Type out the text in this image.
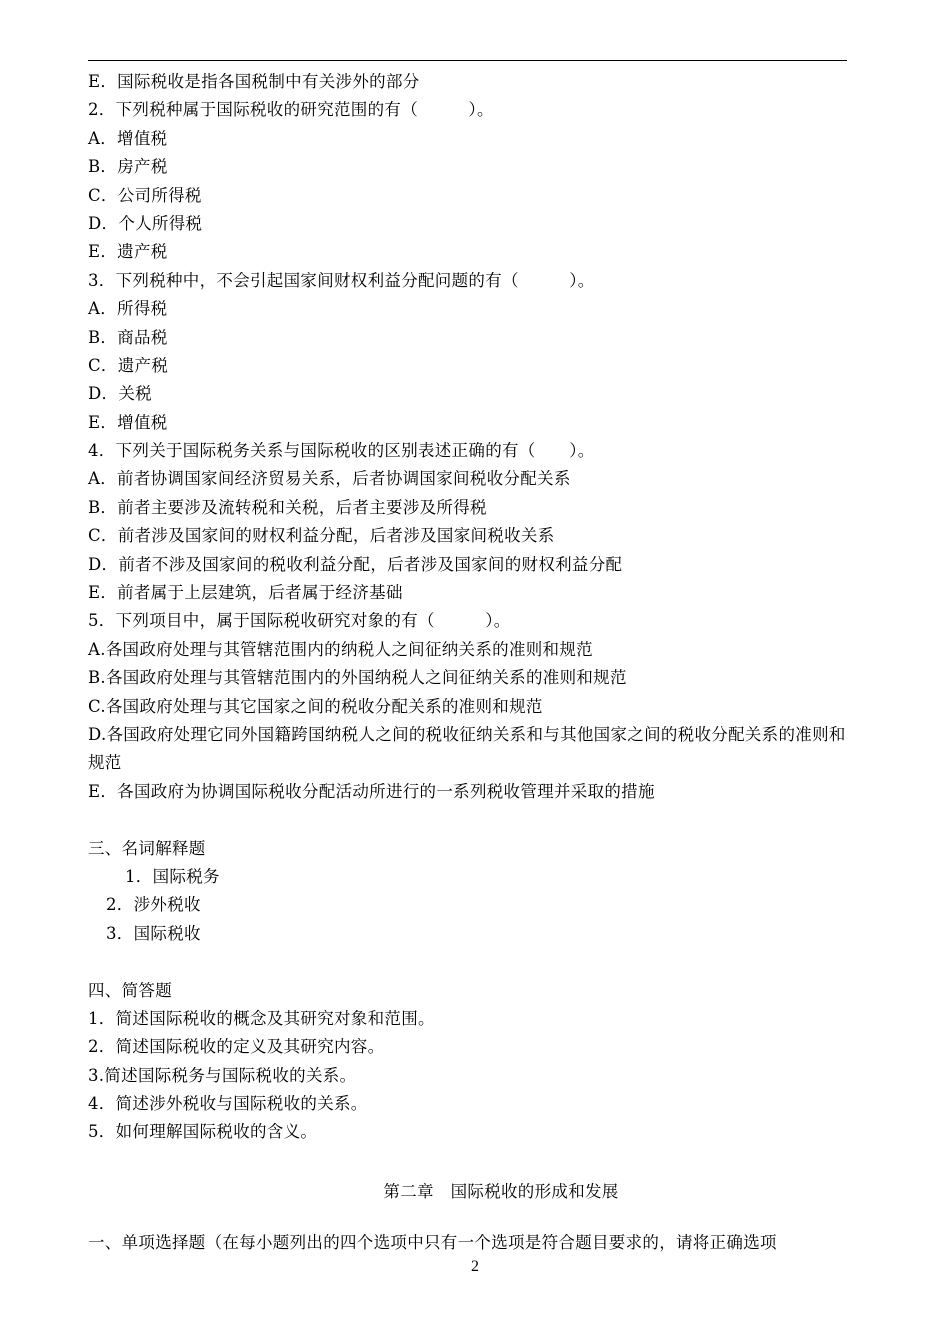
E．国际税收是指各国税制中有关涉外的部分
2．下列税种属于国际税收的研究范围的有（　　　）。
A．增值税
B．房产税
C．公司所得税
D．个人所得税
E．遗产税
3．下列税种中，不会引起国家间财权利益分配问题的有（　　　）。
A．所得税
B．商品税
C．遗产税
D．关税
E．增值税
4．下列关于国际税务关系与国际税收的区别表述正确的有（　　）。
A．前者协调国家间经济贸易关系，后者协调国家间税收分配关系
B．前者主要涉及流转税和关税，后者主要涉及所得税
C．前者涉及国家间的财权利益分配，后者涉及国家间税收关系
D．前者不涉及国家间的税收利益分配，后者涉及国家间的财权利益分配
E．前者属于上层建筑，后者属于经济基础
5．下列项目中，属于国际税收研究对象的有（　　　）。
A.各国政府处理与其管辖范围内的纳税人之间征纳关系的准则和规范
B.各国政府处理与其管辖范围内的外国纳税人之间征纳关系的准则和规范
C.各国政府处理与其它国家之间的税收分配关系的准则和规范
D.各国政府处理它同外国籍跨国纳税人之间的税收征纳关系和与其他国家之间的税收分配关系的准则和规范
E．各国政府为协调国际税收分配活动所进行的一系列税收管理并采取的措施
三、名词解释题
1．国际税务
2．涉外税收
3．国际税收
四、简答题
1．简述国际税收的概念及其研究对象和范围。
2．简述国际税收的定义及其研究内容。
3.简述国际税务与国际税收的关系。
4．简述涉外税收与国际税收的关系。
5．如何理解国际税收的含义。
第二章　国际税收的形成和发展
一、单项选择题（在每小题列出的四个选项中只有一个选项是符合题目要求的，请将正确选项
2
